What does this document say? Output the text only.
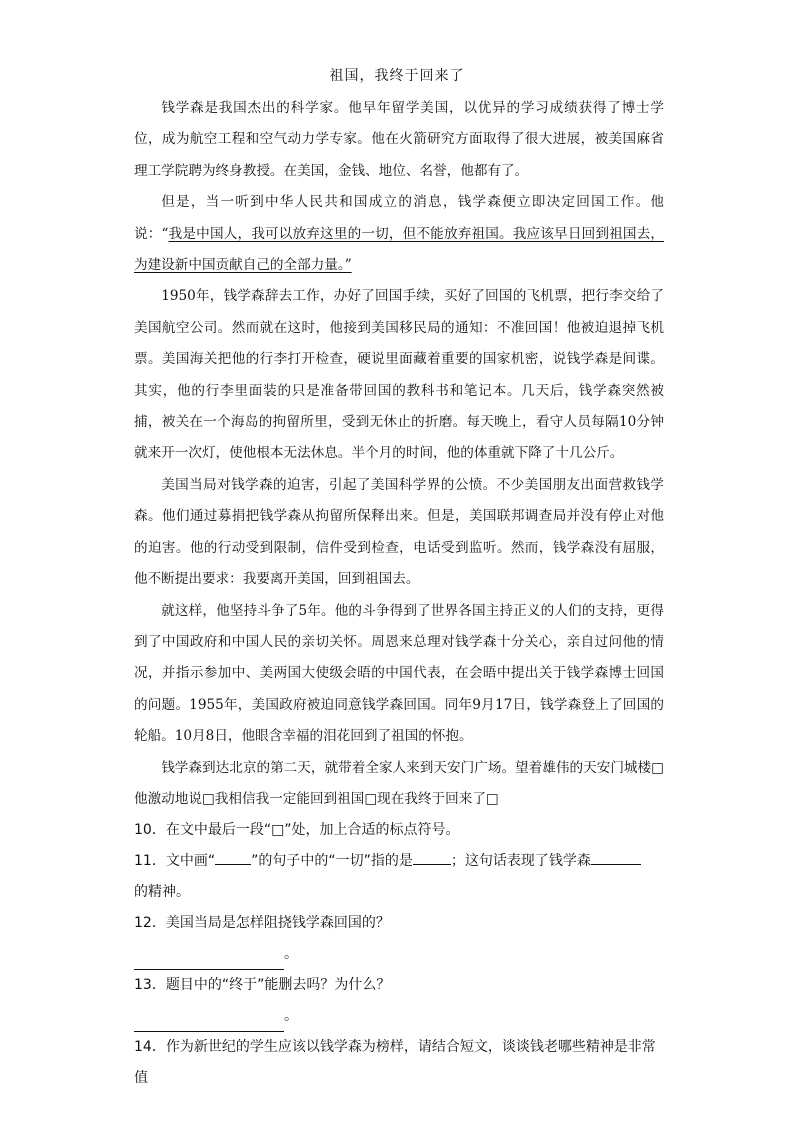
祖国，我终于回来了

钱学森是我国杰出的科学家。他早年留学美国，以优异的学习成绩获得了博士学位，成为航空工程和空气动力学专家。他在火箭研究方面取得了很大进展，被美国麻省理工学院聘为终身教授。在美国，金钱、地位、名誉，他都有了。

但是，当一听到中华人民共和国成立的消息，钱学森便立即决定回国工作。他说：“我是中国人，我可以放弃这里的一切，但不能放弃祖国。我应该早日回到祖国去，为建设新中国贡献自己的全部力量。”

1950年，钱学森辞去工作，办好了回国手续，买好了回国的飞机票，把行李交给了美国航空公司。然而就在这时，他接到美国移民局的通知：不准回国！他被迫退掉飞机票。美国海关把他的行李打开检查，硬说里面藏着重要的国家机密，说钱学森是间谍。其实，他的行李里面装的只是准备带回国的教科书和笔记本。几天后，钱学森突然被捕，被关在一个海岛的拘留所里，受到无休止的折磨。每天晚上，看守人员每隔10分钟就来开一次灯，使他根本无法休息。半个月的时间，他的体重就下降了十几公斤。

美国当局对钱学森的迫害，引起了美国科学界的公愤。不少美国朋友出面营救钱学森。他们通过募捐把钱学森从拘留所保释出来。但是，美国联邦调查局并没有停止对他的迫害。他的行动受到限制，信件受到检查，电话受到监听。然而，钱学森没有屈服，他不断提出要求：我要离开美国，回到祖国去。

就这样，他坚持斗争了5年。他的斗争得到了世界各国主持正义的人们的支持，更得到了中国政府和中国人民的亲切关怀。周恩来总理对钱学森十分关心，亲自过问他的情况，并指示参加中、美两国大使级会晤的中国代表，在会晤中提出关于钱学森博士回国的问题。1955年，美国政府被迫同意钱学森回国。同年9月17日，钱学森登上了回国的轮船。10月8日，他眼含幸福的泪花回到了祖国的怀抱。

钱学森到达北京的第二天，就带着全家人来到天安门广场。望着雄伟的天安门城楼□他激动地说□我相信我一定能回到祖国□现在我终于回来了□

10．在文中最后一段“□”处，加上合适的标点符号。

11．文中画“	”的句子中的“一切”指的是	；这句话表现了钱学森
的精神。

12．美国当局是怎样阻挠钱学森回国的？

。

13．题目中的“终于”能删去吗？为什么？

。

14．作为新世纪的学生应该以钱学森为榜样，请结合短文，谈谈钱老哪些精神是非常值
